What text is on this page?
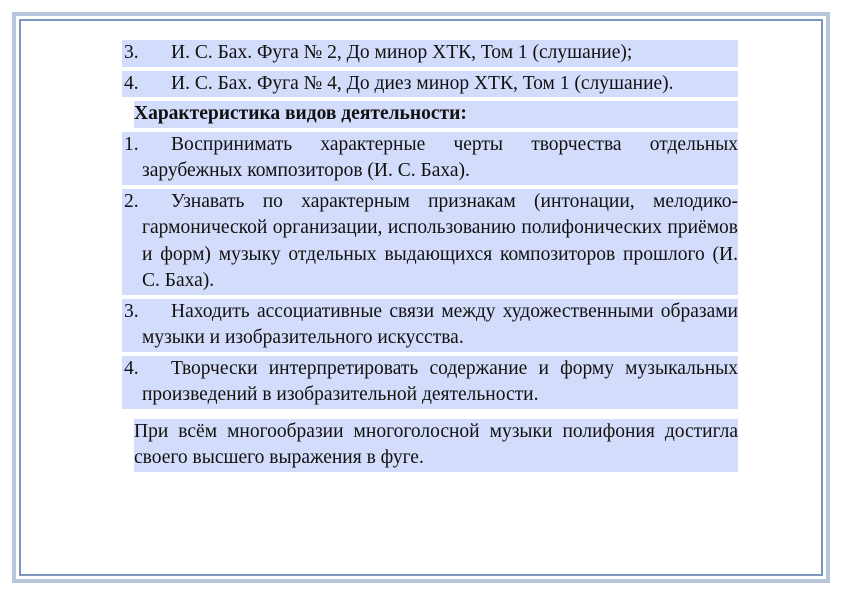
3. И. С. Бах. Фуга № 2, До минор ХТК, Том 1 (слушание);
4. И. С. Бах. Фуга № 4, До диез минор ХТК, Том 1 (слушание).
Характеристика видов деятельности:
1. Воспринимать характерные черты творчества отдельных зарубежных композиторов (И. С. Баха).
2. Узнавать по характерным признакам (интонации, мелодико-гармонической организации, использованию полифонических приёмов и форм) музыку отдельных выдающихся композиторов прошлого (И. С. Баха).
3. Находить ассоциативные связи между художественными образами музыки и изобразительного искусства.
4. Творчески интерпретировать содержание и форму музыкальных произведений в изобразительной деятельности.
При всём многообразии многоголосной музыки полифония достигла своего высшего выражения в фуге.
